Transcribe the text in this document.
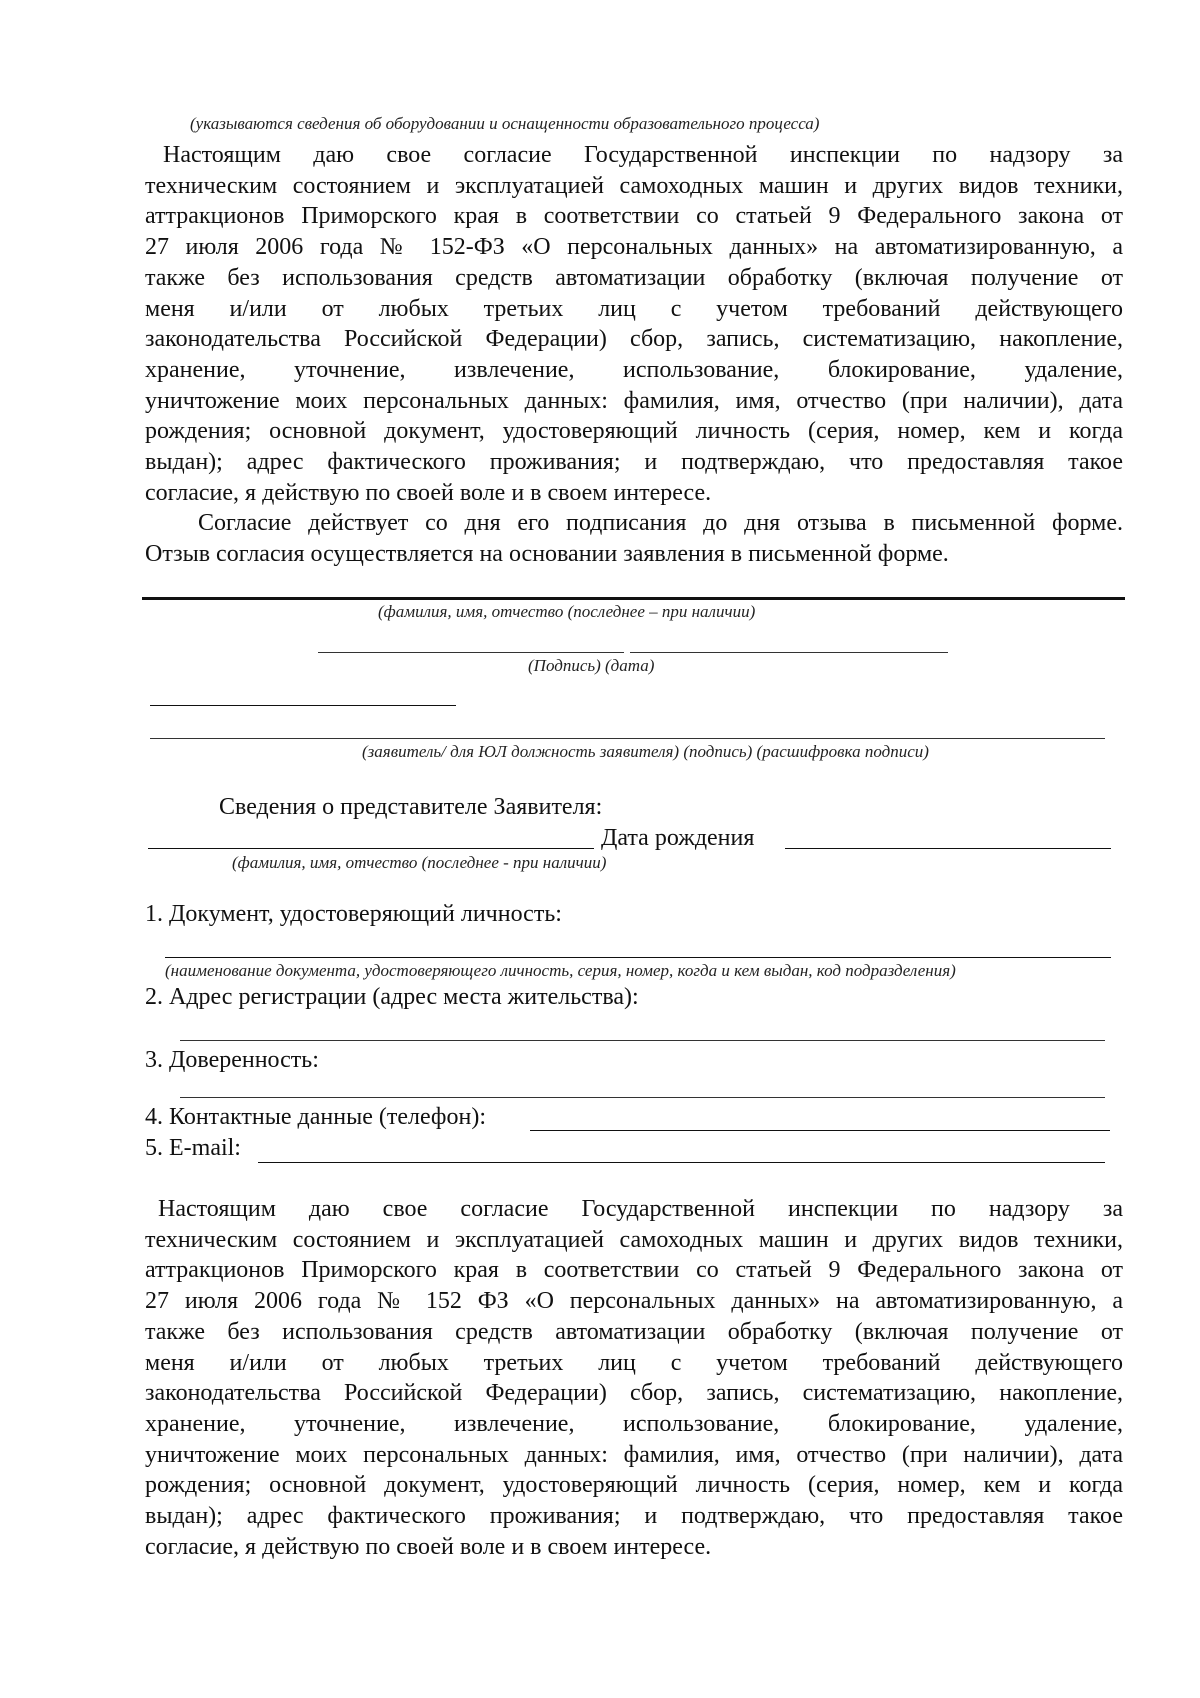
(указываются сведения об оборудовании и оснащенности образовательного процесса)
Настоящим даю свое согласие Государственной инспекции по надзору за
техническим состоянием и эксплуатацией самоходных машин и других видов техники,
аттракционов Приморского края в соответствии со статьей 9 Федерального закона от
27 июля 2006 года № 152-ФЗ «О персональных данных» на автоматизированную, а
также без использования средств автоматизации обработку (включая получение от
меня и/или от любых третьих лиц с учетом требований действующего
законодательства Российской Федерации) сбор, запись, систематизацию, накопление,
хранение, уточнение, извлечение, использование, блокирование, удаление,
уничтожение моих персональных данных: фамилия, имя, отчество (при наличии), дата
рождения; основной документ, удостоверяющий личность (серия, номер, кем и когда
выдан); адрес фактического проживания; и подтверждаю, что предоставляя такое
согласие, я действую по своей воле и в своем интересе.
Согласие действует со дня его подписания до дня отзыва в письменной форме.
Отзыв согласия осуществляется на основании заявления в письменной форме.
(фамилия, имя, отчество (последнее – при наличии)
(Подпись) (дата)
(заявитель/ для ЮЛ должность заявителя) (подпись) (расшифровка подписи)
Сведения о представителе Заявителя:
Дата рождения
(фамилия, имя, отчество (последнее - при наличии)
1. Документ, удостоверяющий личность:
(наименование документа, удостоверяющего личность, серия, номер, когда и кем выдан, код подразделения)
2. Адрес регистрации (адрес места жительства):
3. Доверенность:
4. Контактные данные (телефон):
5. E-mail:
Настоящим даю свое согласие Государственной инспекции по надзору за
техническим состоянием и эксплуатацией самоходных машин и других видов техники,
аттракционов Приморского края в соответствии со статьей 9 Федерального закона от
27 июля 2006 года № 152 ФЗ «О персональных данных» на автоматизированную, а
также без использования средств автоматизации обработку (включая получение от
меня и/или от любых третьих лиц с учетом требований действующего
законодательства Российской Федерации) сбор, запись, систематизацию, накопление,
хранение, уточнение, извлечение, использование, блокирование, удаление,
уничтожение моих персональных данных: фамилия, имя, отчество (при наличии), дата
рождения; основной документ, удостоверяющий личность (серия, номер, кем и когда
выдан); адрес фактического проживания; и подтверждаю, что предоставляя такое
согласие, я действую по своей воле и в своем интересе.
